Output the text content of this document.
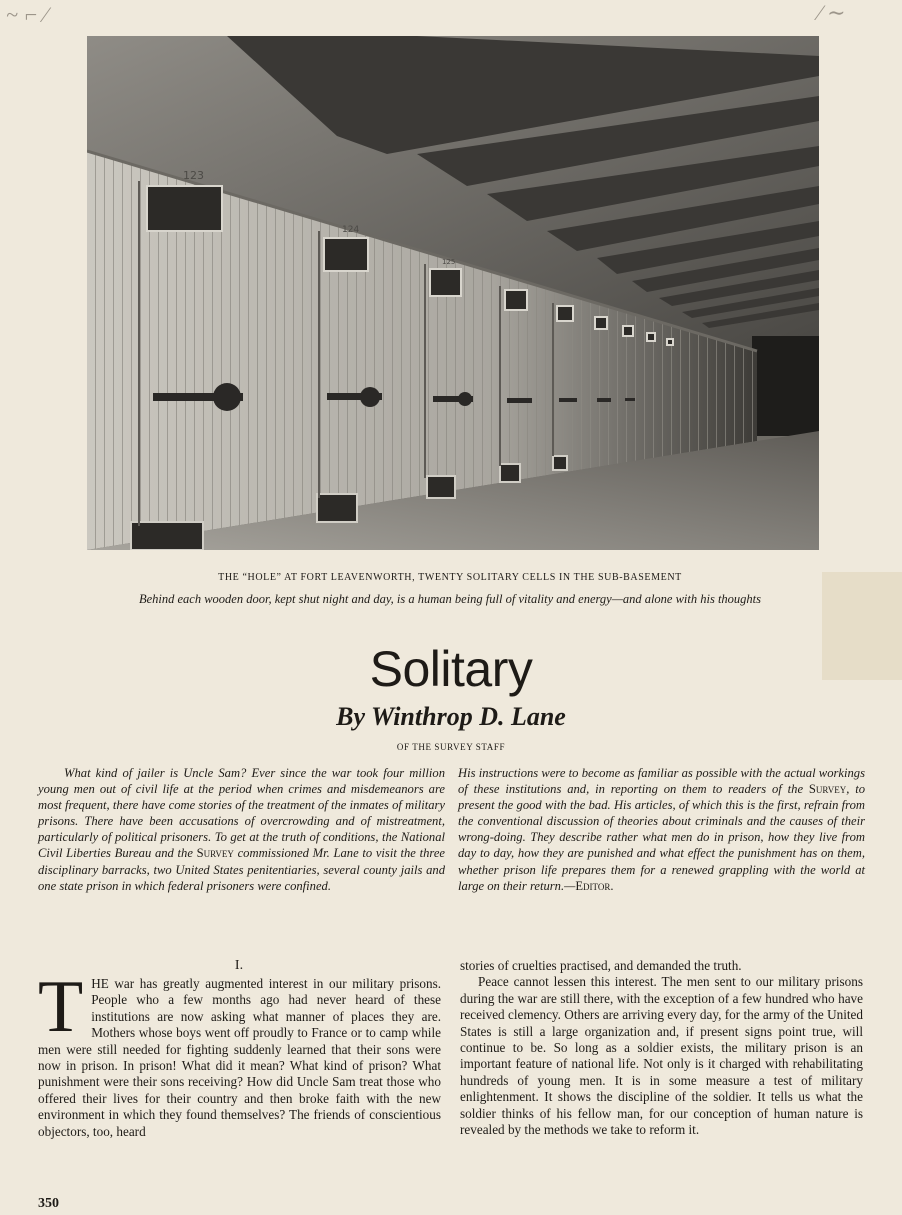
~ ⌐ ⁄	⁄ ∼
123
124
125
THE “HOLE” AT FORT LEAVENWORTH, TWENTY SOLITARY CELLS IN THE SUB-BASEMENT
Behind each wooden door, kept shut night and day, is a human being full of vitality and energy—and alone with his thoughts
Solitary
By Winthrop D. Lane
OF THE SURVEY STAFF
What kind of jailer is Uncle Sam? Ever since the war took four million young men out of civil life at the period when crimes and misdemeanors are most frequent, there have come stories of the treatment of the inmates of military prisons. There have been accusations of overcrowding and of mistreatment, particularly of political prisoners. To get at the truth of conditions, the National Civil Liberties Bureau and the Survey commissioned Mr. Lane to visit the three disciplinary barracks, two United States penitentiaries, several county jails and one state prison in which federal prisoners were confined.
His instructions were to become as familiar as possible with the actual workings of these institutions and, in reporting on them to readers of the Survey, to present the good with the bad. His articles, of which this is the first, refrain from the conventional discussion of theories about criminals and the causes of their wrong-doing. They describe rather what men do in prison, how they live from day to day, how they are punished and what effect the punishment has on them, whether prison life prepares them for a renewed grappling with the world at large on their return.—Editor.
I.

THE war has greatly augmented interest in our military prisons. People who a few months ago had never heard of these institutions are now asking what manner of places they are. Mothers whose boys went off proudly to France or to camp while men were still needed for fighting suddenly learned that their sons were now in prison. In prison! What did it mean? What kind of prison? What punishment were their sons receiving? How did Uncle Sam treat those who offered their lives for their country and then broke faith with the new environment in which they found themselves? The friends of conscientious objectors, too, heard

stories of cruelties practised, and demanded the truth.

Peace cannot lessen this interest. The men sent to our military prisons during the war are still there, with the exception of a few hundred who have received clemency. Others are arriving every day, for the army of the United States is still a large organization and, if present signs point true, will continue to be. So long as a soldier exists, the military prison is an important feature of national life. Not only is it charged with rehabilitating hundreds of young men. It is in some measure a test of military enlightenment. It shows the discipline of the soldier. It tells us what the soldier thinks of his fellow man, for our conception of human nature is revealed by the methods we take to reform it.

350
